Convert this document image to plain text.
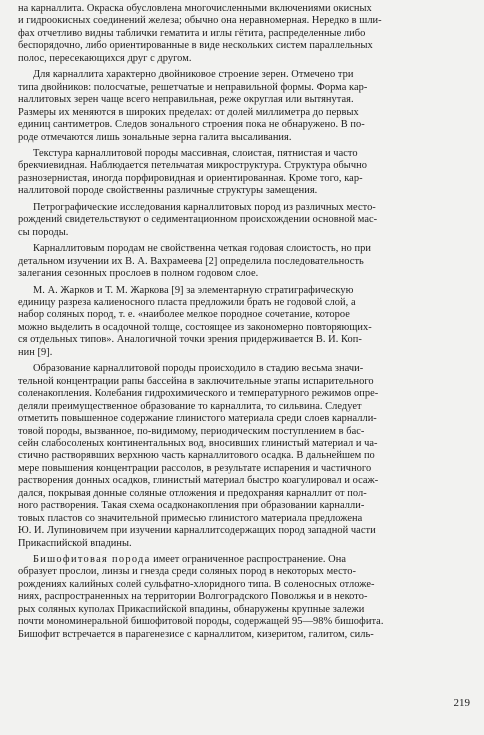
на карналлита. Окраска обусловлена многочисленными включениями окисных
и гидроокисных соединений железа; обычно она неравномерная. Нередко в шли-
фах отчетливо видны таблички гематита и иглы гётита, распределенные либо
беспорядочно, либо ориентированные в виде нескольких систем параллельных
полос, пересекающихся друг с другом.

Для карналлита характерно двойниковое строение зерен. Отмечено три
типа двойников: полосчатые, решетчатые и неправильной формы. Форма кар-
наллитовых зерен чаще всего неправильная, реже округлая или вытянутая.
Размеры их меняются в широких пределах: от долей миллиметра до первых
единиц сантиметров. Следов зонального строения пока не обнаружено. В по-
роде отмечаются лишь зональные зерна галита высаливания.

Текстура карналлитовой породы массивная, слоистая, пятнистая и часто
брекчиевидная. Наблюдается петельчатая микроструктура. Структура обычно
разнозернистая, иногда порфировидная и ориентированная. Кроме того, кар-
наллитовой породе свойственны различные структуры замещения.

Петрографические исследования карналлитовых пород из различных место-
рождений свидетельствуют о седиментационном происхождении основной мас-
сы породы.

Карналлитовым породам не свойственна четкая годовая слоистость, но при
детальном изучении их В. А. Вахрамеева [2] определила последовательность
залегания сезонных прослоев в полном годовом слое.

М. А. Жарков и Т. М. Жаркова [9] за элементарную стратиграфическую
единицу разреза калиеносного пласта предложили брать не годовой слой, а
набор соляных пород, т. е. «наиболее мелкое породное сочетание, которое
можно выделить в осадочной толще, состоящее из закономерно повторяющих-
ся отдельных типов». Аналогичной точки зрения придерживается В. И. Коп-
нин [9].

Образование карналлитовой породы происходило в стадию весьма значи-
тельной концентрации рапы бассейна в заключительные этапы испарительного
соленакопления. Колебания гидрохимического и температурного режимов опре-
деляли преимущественное образование то карналлита, то сильвина. Следует
отметить повышенное содержание глинистого материала среди слоев карналли-
товой породы, вызванное, по-видимому, периодическим поступлением в бас-
сейн слабосоленых континентальных вод, вносивших глинистый материал и ча-
стично растворявших верхнюю часть карналлитового осадка. В дальнейшем по
мере повышения концентрации рассолов, в результате испарения и частичного
растворения донных осадков, глинистый материал быстро коагулировал и осаж-
дался, покрывая донные соляные отложения и предохраняя карналлит от пол-
ного растворения. Такая схема осадконакопления при образовании карналли-
товых пластов со значительной примесью глинистого материала предложена
Ю. И. Лупиновичем при изучении карналлитсодержащих пород западной части
Прикаспийской впадины.

Бишофитовая порода имеет ограниченное распространение. Она
образует прослои, линзы и гнезда среди соляных пород в некоторых место-
рождениях калийных солей сульфатно-хлоридного типа. В соленосных отложе-
ниях, распространенных на территории Волгоградского Поволжья и в некото-
рых соляных куполах Прикаспийской впадины, обнаружены крупные залежи
почти мономинеральной бишофитовой породы, содержащей 95—98% бишофита.
Бишофит встречается в парагенезисе с карналлитом, кизеритом, галитом, силь-

219
